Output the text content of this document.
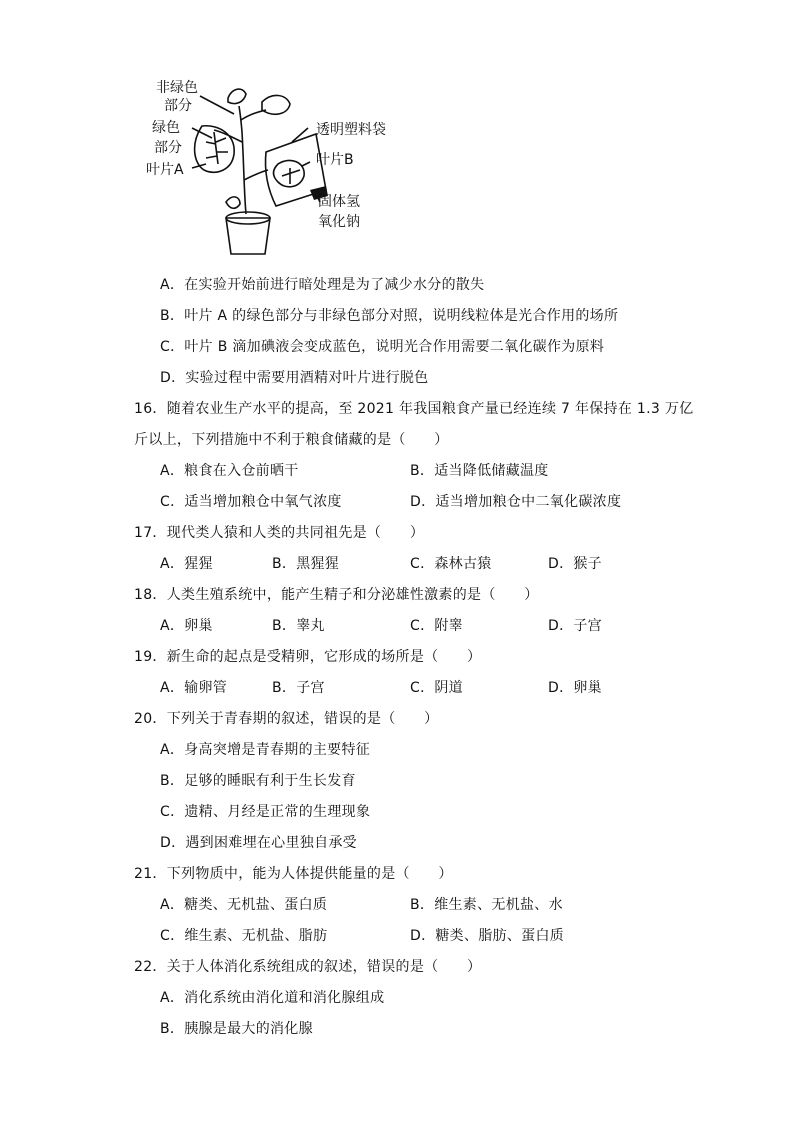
非绿色
部分
绿色
部分
叶片A
透明塑料袋
叶片B
固体氢
氧化钠
A．在实验开始前进行暗处理是为了减少水分的散失
B．叶片 A 的绿色部分与非绿色部分对照，说明线粒体是光合作用的场所
C．叶片 B 滴加碘液会变成蓝色，说明光合作用需要二氧化碳作为原料
D．实验过程中需要用酒精对叶片进行脱色
16．随着农业生产水平的提高，至 2021 年我国粮食产量已经连续 7 年保持在 1.3 万亿
斤以上，下列措施中不利于粮食储藏的是（　　）
A．粮食在入仓前晒干	B．适当降低储藏温度
C．适当增加粮仓中氧气浓度	D．适当增加粮仓中二氧化碳浓度
17．现代类人猿和人类的共同祖先是（　　）
A．猩猩	B．黑猩猩	C．森林古猿	D．猴子
18．人类生殖系统中，能产生精子和分泌雄性激素的是（　　）
A．卵巢	B．睾丸	C．附睾	D．子宫
19．新生命的起点是受精卵，它形成的场所是（　　）
A．输卵管	B．子宫	C．阴道	D．卵巢
20．下列关于青春期的叙述，错误的是（　　）
A．身高突增是青春期的主要特征
B．足够的睡眠有利于生长发育
C．遗精、月经是正常的生理现象
D．遇到困难埋在心里独自承受
21．下列物质中，能为人体提供能量的是（　　）
A．糖类、无机盐、蛋白质	B．维生素、无机盐、水
C．维生素、无机盐、脂肪	D．糖类、脂肪、蛋白质
22．关于人体消化系统组成的叙述，错误的是（　　）
A．消化系统由消化道和消化腺组成
B．胰腺是最大的消化腺
